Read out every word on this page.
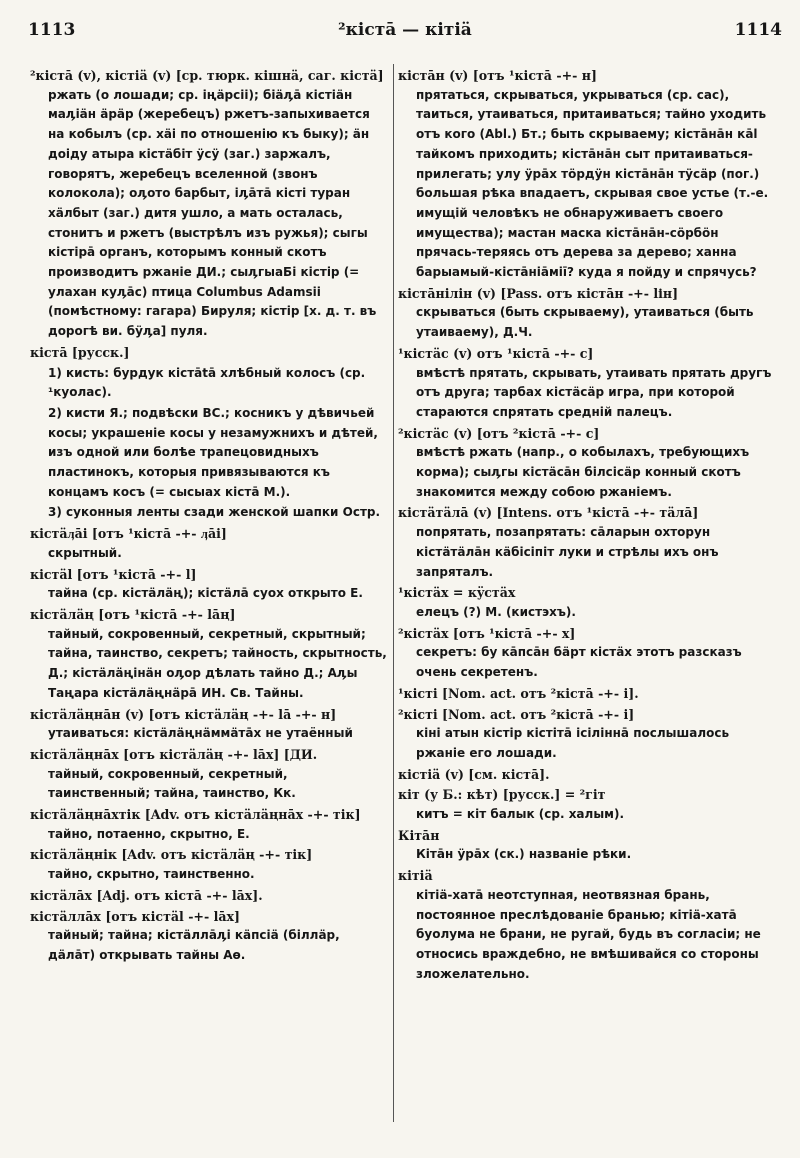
1113	²кiстā — кiтiä	1114
²кiстā (v), кiстiä (v) [ср. тюрк. кiшнä, саг. кiстä]
ржать (о лошади; ср. iңäрсii); біäӆā кiстiäн маӆiäн äрäр (жеребецъ) ржетъ-запыхивается на кобылъ (ср. хäi по отношенiю къ быку); äн доiду атыра кiстäбiт ÿсÿ (заг.) заржалъ, говорятъ, жеребецъ вселенной (звонъ колокола); оӆото барбыт, iӆāтā кiстi туран хäлбыт (заг.) дитя ушло, а мать осталась, стонитъ и ржетъ (выстрѣлъ изъ ружья); сыгы кiстiрā органъ, которымъ конный скотъ производитъ ржанiе ДИ.; сыӆгыаБi кiстiр (= улахан куӆāс) птица Columbus Adamsii (помѣстному: гагара) Бируля; кiстiр [х. д. т. въ дорогѣ ви. бÿӆа] пуля.
кiстā [русск.]
1) кисть: бурдук кiстātā хлѣбный колосъ (ср. ¹куолас).
2) кисти Я.; подвѣски ВС.; косникъ у дѣвичьей косы; украшенiе косы у незамужнихъ и дѣтей, изъ одной или болѣе трапецовидныхъ пластинокъ, которыя привязываются къ концамъ косъ (= сысыах кiстā М.).
3) суконныя ленты сзади женской шапки Остр.
кiстäӆāi [отъ ¹кiстā -+- ӆāi]
скрытный.
кiстäl [отъ ¹кiстā -+- l]
тайна (ср. кiстäлäң); кiстäлā суох открыто Е.
кiстäлäң [отъ ¹кiстā -+- lāң]
тайный, сокровенный, секретный, скрытный; тайна, таинство, секретъ; тайность, скрытность, Д.; кiстäлäңiнäн оӆор дѣлать тайно Д.; Аӆы Таңара кiстäлäңнäрā ИН. Св. Тайны.
кiстäлäңнāн (v) [отъ кiстäлäң -+- lā -+- н]
утаиваться: кiстäлäңнäммäтāх не утаённый
кiстäлäңнāх [отъ кiстäлäң -+- lāх] [ДИ.
тайный, сокровенный, секретный, таинственный; тайна, таинство, Кк.
кiстäлäңнāхтiк [Adv. отъ кiстäлäңнāх -+- тiк]
тайно, потаенно, скрытно, Е.
кiстäлäңнiк [Adv. отъ кiстäлäң -+- тiк]
тайно, скрытно, таинственно.
кiстäлāх [Adj. отъ кiстā -+- lāх].
кiстäллāх [отъ кiстäl -+- lāх]
тайный; тайна; кiстäллāӆi кäпсiä (бiллäр, дäлāт) открывать тайны Аѳ.
кiстāн (v) [отъ ¹кiстā -+- н]
прятаться, скрываться, укрываться (ср. сас), таиться, утаиваться, притаиваться; тайно уходить отъ кого (Abl.) Бт.; быть скрываему; кiстāнāн кāl тайкомъ приходить; кiстāнāн сыт притаиваться-прилегать; улу ÿрāх тöрдÿн кiстāнāн тÿсäр (пог.) большая рѣка впадаетъ, скрывая свое устье (т.-е. имущiй человѣкъ не обнаруживаетъ своего имущества); мастан маска кiстāнāн-сöрбöн прячась-теряясь отъ дерева за дерево; ханна барыамый-кiстāнiāмiī? куда я пойду и спрячусь?
кiстāнiлiн (v) [Pass. отъ кiстāн -+- lін]
скрываться (быть скрываему), утаиваться (быть утаиваему), Д.Ч.
¹кiстäс (v) отъ ¹кiстā -+- с]
вмѣстѣ прятать, скрывать, утаивать прятать другъ отъ друга; тарбах кiстäсäр игра, при которой стараются спрятать средній палецъ.
²кiстäс (v) [отъ ²кiстā -+- с]
вмѣстѣ ржать (напр., о кобылахъ, требующихъ корма); сыӆгы кiстäсāн бiлсiсäр конный скотъ знакомится между собою ржанiемъ.
кiстäтäлā (v) [Intens. отъ ¹кiстā -+- тäлā]
попрятать, позапрятать: сāларын охторун кiстäтäлāн кäбiсiпiт луки и стрѣлы ихъ онъ запряталъ.
¹кiстäх = кÿстäх
елецъ (?) М. (кистэхъ).
²кiстäх [отъ ¹кiстā -+- х]
секретъ: бу кāпсāн бäрт кiстäх этотъ разсказъ очень секретенъ.
¹кiстi [Nom. act. отъ ²кiстā -+- i].
²кiстi [Nom. act. отъ ²кiстā -+- i]
кiнi атын кiстiр кiстiтā iсiлiннā послышалось ржанiе его лошади.
кiстiä (v) [см. кiстā].
кiт (у Б.: кѣт) [русск.] = ²гiт
китъ = кiт балык (ср. халым).
Кiтāн
Кiтāн ÿрāх (ск.) названiе рѣки.
кiтiä
кiтiä-хатā неотступная, неотвязная брань, постоянное преслѣдованiе бранью; кiтiä-хатā буолума не брани, не ругай, будь въ согласiи; не относись враждебно, не вмѣшивайся со стороны зложелательно.
